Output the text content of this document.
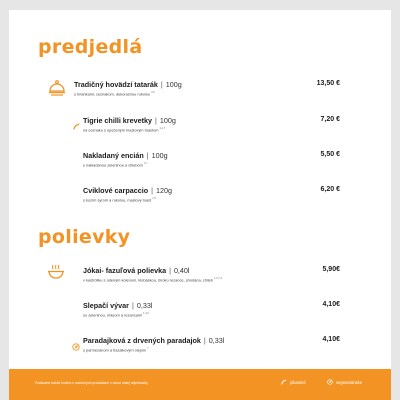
predjedlá
Tradičný hovädzí tatarák | 100g
s hriankami, cesnakom, dekoračnou rukolou$^{3,6}$
13,50 €
Tigrie chilli krevetky | 100g
na cesnaku s opečeným maslovým toastom$^{1,2,7}$
7,20 €
Nakladaný encián | 100g
s nakladanou zeleninou a chlebom$^{1,7}$
5,50 €
Cviklové carpaccio | 120g
s kozím syrom a rukolou, maslový toast$^{7,8}$
6,20 €
polievky
Jókai- fazuľová polievka | 0,40l
v kastróliku s údeným kolenom, klobáskou, šírokú rezance, smotana, chlieb$^{1,3,7,9}$
5,90€
Slepačí vývar | 0,33l
so zeleninou, mäsom a rezancami$^{1,3,9}$
4,10€
Paradajková z drvených paradajok | 0,33l
s parmezánom a bazalkovým olejom$^7$
4,10€
Podávané každú hodinu s uvedenými produktami v rámci vašej objednávky	pikantné	vegetariánske
